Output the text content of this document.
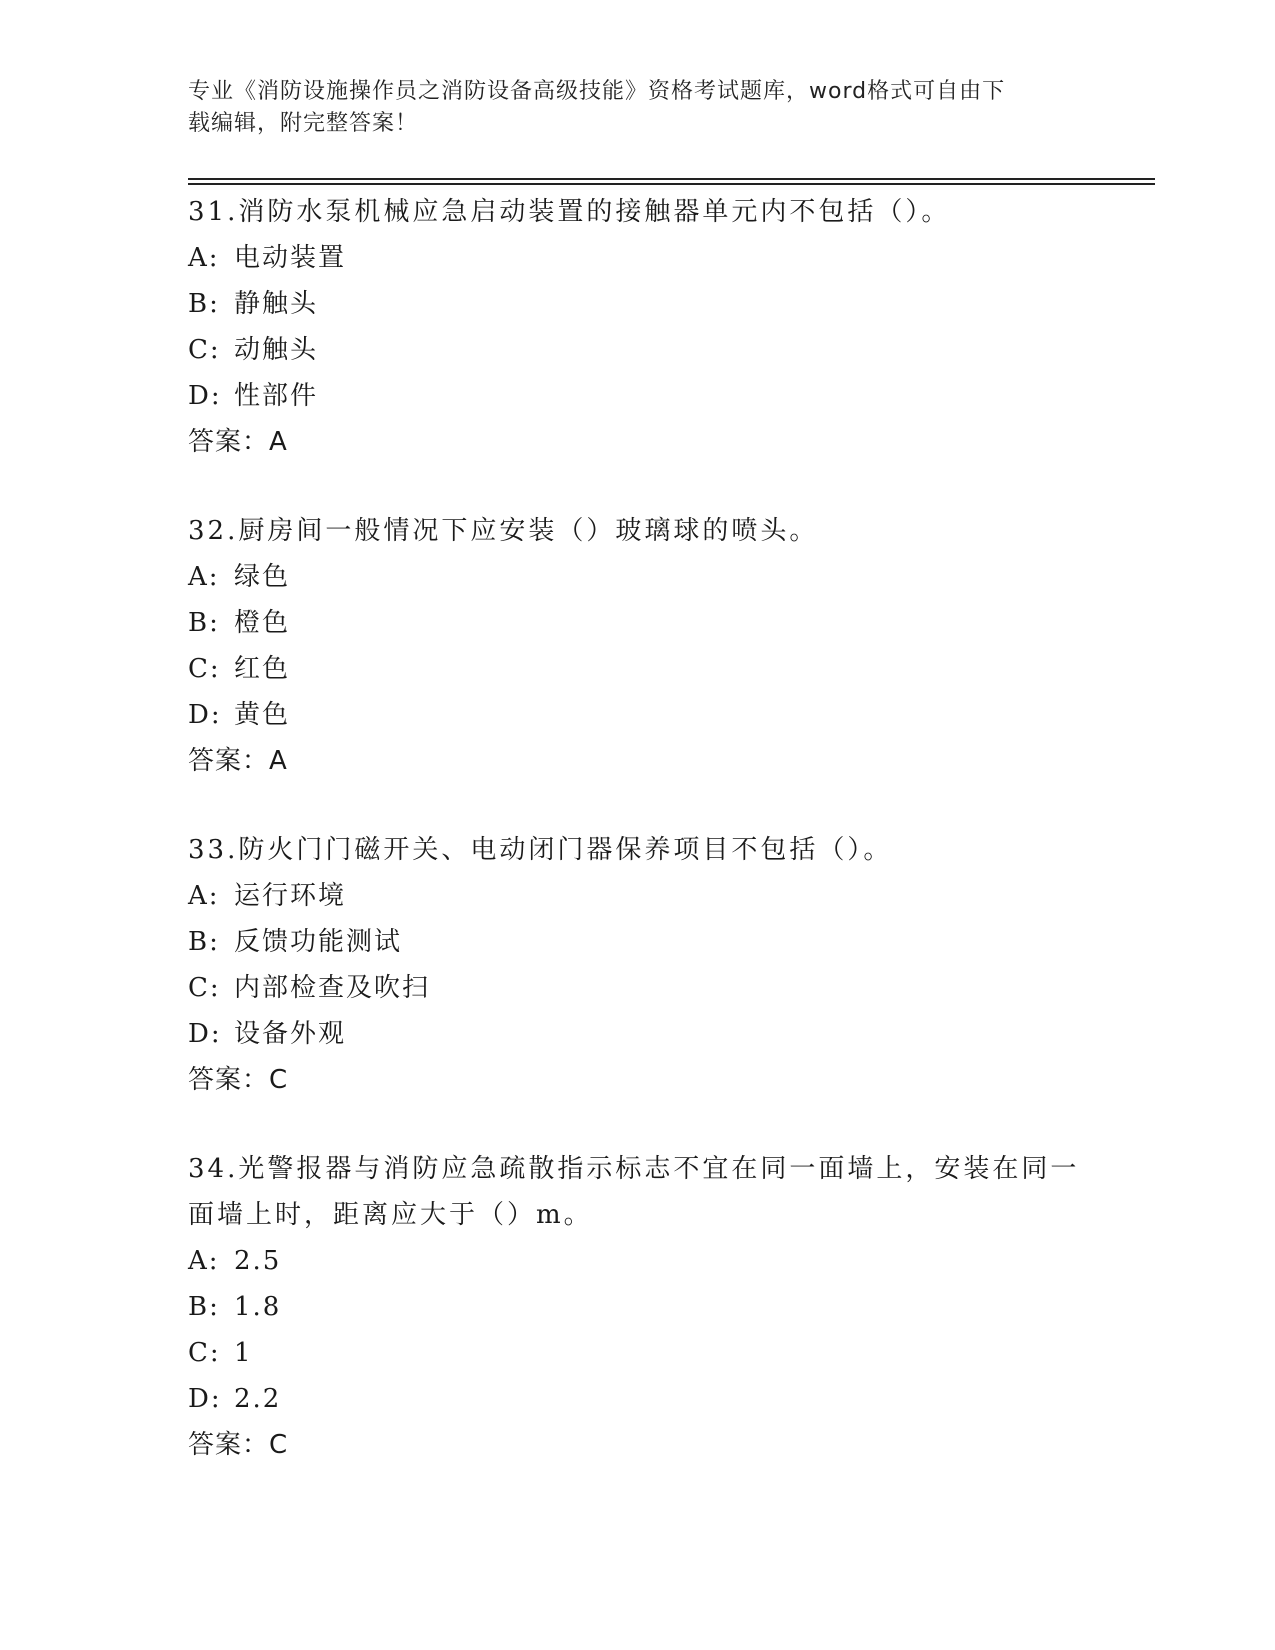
专业《消防设施操作员之消防设备高级技能》资格考试题库，word格式可自由下
载编辑，附完整答案！

31.消防水泵机械应急启动装置的接触器单元内不包括（）。

A: 电动装置

B: 静触头

C: 动触头

D: 性部件

答案：A

32.厨房间一般情况下应安装（）玻璃球的喷头。

A: 绿色

B: 橙色

C: 红色

D: 黄色

答案：A

33.防火门门磁开关、电动闭门器保养项目不包括（）。

A: 运行环境

B: 反馈功能测试

C: 内部检查及吹扫

D: 设备外观

答案：C

34.光警报器与消防应急疏散指示标志不宜在同一面墙上，安装在同一

面墙上时，距离应大于（）m。

A: 2.5

B: 1.8

C: 1

D: 2.2

答案：C
